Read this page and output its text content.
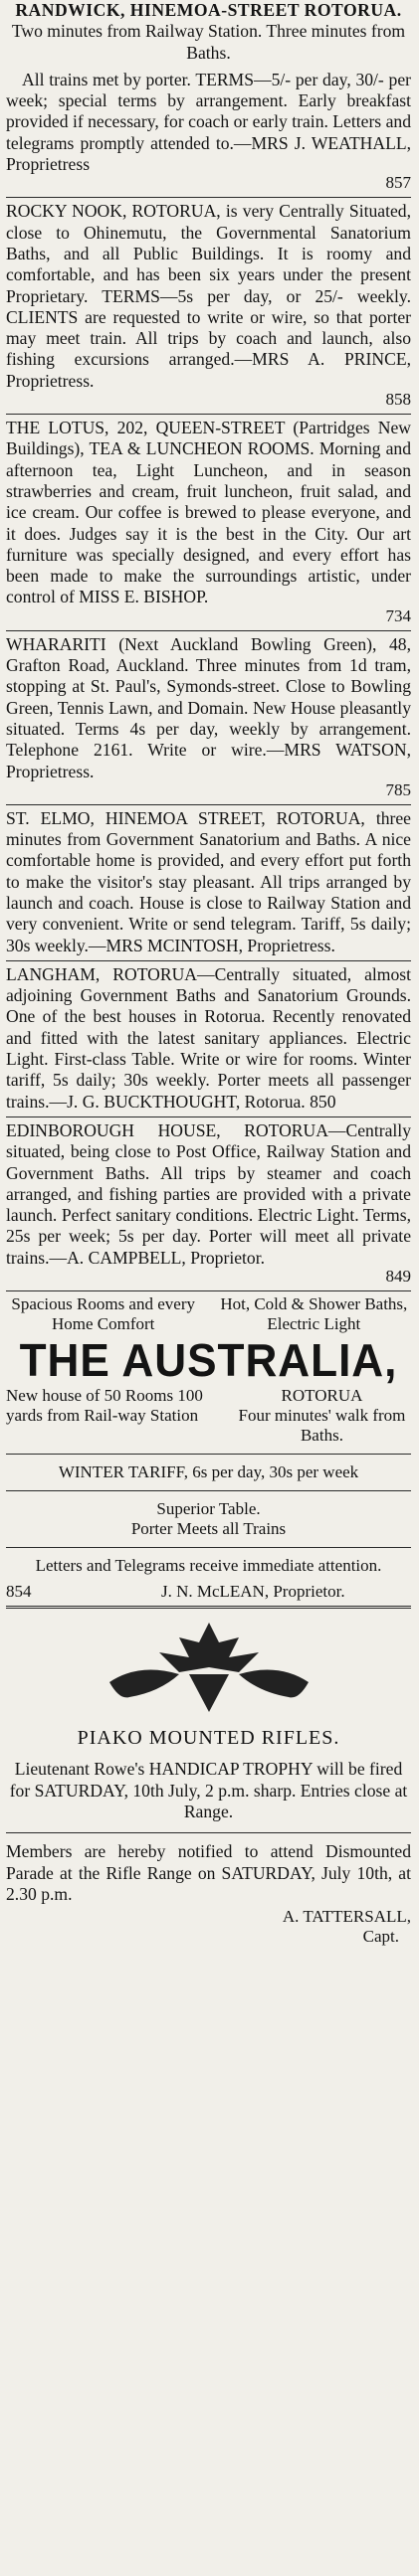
RANDWICK, HINEMOA-STREET ROTORUA.

Two minutes from Railway Station. Three minutes from Baths.

All trains met by porter. TERMS—5/- per day, 30/- per week; special terms by arrangement. Early breakfast provided if necessary, for coach or early train. Letters and telegrams promptly attended to.—MRS J. WEATHALL, Proprietress

857

ROCKY NOOK, ROTORUA, is very Centrally Situated, close to Ohinemutu, the Governmental Sanatorium Baths, and all Public Buildings. It is roomy and comfortable, and has been six years under the present Proprietary. TERMS—5s per day, or 25/- weekly. CLIENTS are requested to write or wire, so that porter may meet train. All trips by coach and launch, also fishing excursions arranged.—MRS A. PRINCE, Proprietress.

858

THE LOTUS, 202, QUEEN-STREET (Partridges New Buildings), TEA & LUNCHEON ROOMS. Morning and afternoon tea, Light Luncheon, and in season strawberries and cream, fruit luncheon, fruit salad, and ice cream. Our coffee is brewed to please everyone, and it does. Judges say it is the best in the City. Our art furniture was specially designed, and every effort has been made to make the surroundings artistic, under control of MISS E. BISHOP.

734

WHARARITI (Next Auckland Bowling Green), 48, Grafton Road, Auckland. Three minutes from 1d tram, stopping at St. Paul's, Symonds-street. Close to Bowling Green, Tennis Lawn, and Domain. New House pleasantly situated. Terms 4s per day, weekly by arrangement. Telephone 2161. Write or wire.—MRS WATSON, Proprietress.

785

ST. ELMO, HINEMOA STREET, ROTORUA, three minutes from Government Sanatorium and Baths. A nice comfortable home is provided, and every effort put forth to make the visitor's stay pleasant. All trips arranged by launch and coach. House is close to Railway Station and very convenient. Write or send telegram. Tariff, 5s daily; 30s weekly.—MRS MCINTOSH, Proprietress.

LANGHAM, ROTORUA—Centrally situated, almost adjoining Government Baths and Sanatorium Grounds. One of the best houses in Rotorua. Recently renovated and fitted with the latest sanitary appliances. Electric Light. First-class Table. Write or wire for rooms. Winter tariff, 5s daily; 30s weekly. Porter meets all passenger trains.—J. G. BUCKTHOUGHT, Rotorua. 850

EDINBOROUGH HOUSE, ROTORUA—Centrally situated, being close to Post Office, Railway Station and Government Baths. All trips by steamer and coach arranged, and fishing parties are provided with a private launch. Perfect sanitary conditions. Electric Light. Terms, 25s per week; 5s per day. Porter will meet all private trains.—A. CAMPBELL, Proprietor.

849
Spacious Rooms and every Home Comfort
Hot, Cold & Shower Baths, Electric Light
THE AUSTRALIA,
New house of 50 Rooms 100 yards from Rail-way Station
ROTORUA
Four minutes' walk from Baths.
WINTER TARIFF, 6s per day, 30s per week
Superior Table.
Porter Meets all Trains
Letters and Telegrams receive immediate attention.
854	J. N. McLEAN, Proprietor.

PIAKO MOUNTED RIFLES.

Lieutenant Rowe's HANDICAP TROPHY will be fired for SATURDAY, 10th July, 2 p.m. sharp. Entries close at Range.

Members are hereby notified to attend Dismounted Parade at the Rifle Range on SATURDAY, July 10th, at 2.30 p.m.

A. TATTERSALL,
Capt.
